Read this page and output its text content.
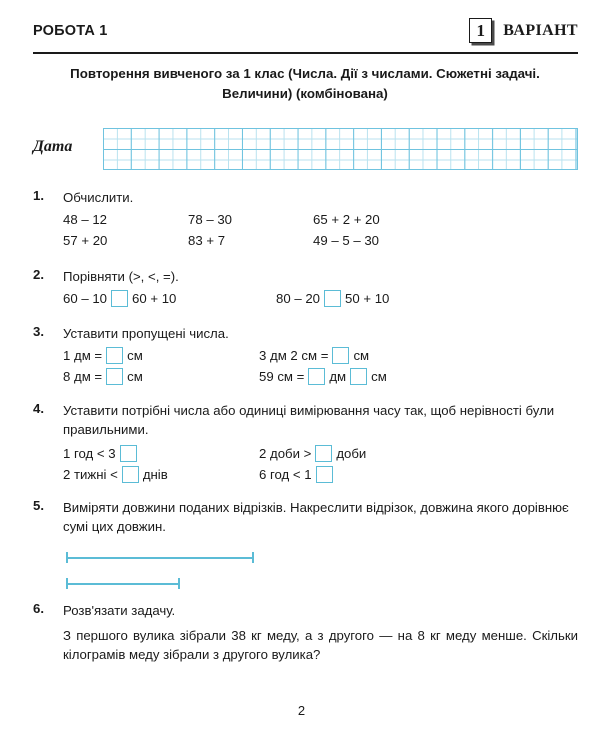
РОБОТА 1	1	ВАРІАНТ
Повторення вивченого за 1 клас (Числа. Дії з числами. Сюжетні задачі. Величини) (комбінована)
Дата
1.	Обчислити.
48 – 12	78 – 30	65 + 2 + 20
57 + 20	83 + 7	49 – 5 – 30
2.	Порівняти (>, <, =).
60 – 10 60 + 10	80 – 20 50 + 10
3.	Уставити пропущені числа.
1 дм = см	3 дм 2 см = см
8 дм = см	59 см = дм см
4.	Уставити потрібні числа або одиниці вимірювання часу так, щоб нерівності були правильними.
1 год < 3	2 доби > доби
2 тижні < днів	6 год < 1
5.	Виміряти довжини поданих відрізків. Накреслити відрізок, довжина якого дорівнює сумі цих довжин.
6.	Розв'язати задачу.
З першого вулика зібрали 38 кг меду, а з другого — на 8 кг меду менше. Скільки кілограмів меду зібрали з другого вулика?
2
